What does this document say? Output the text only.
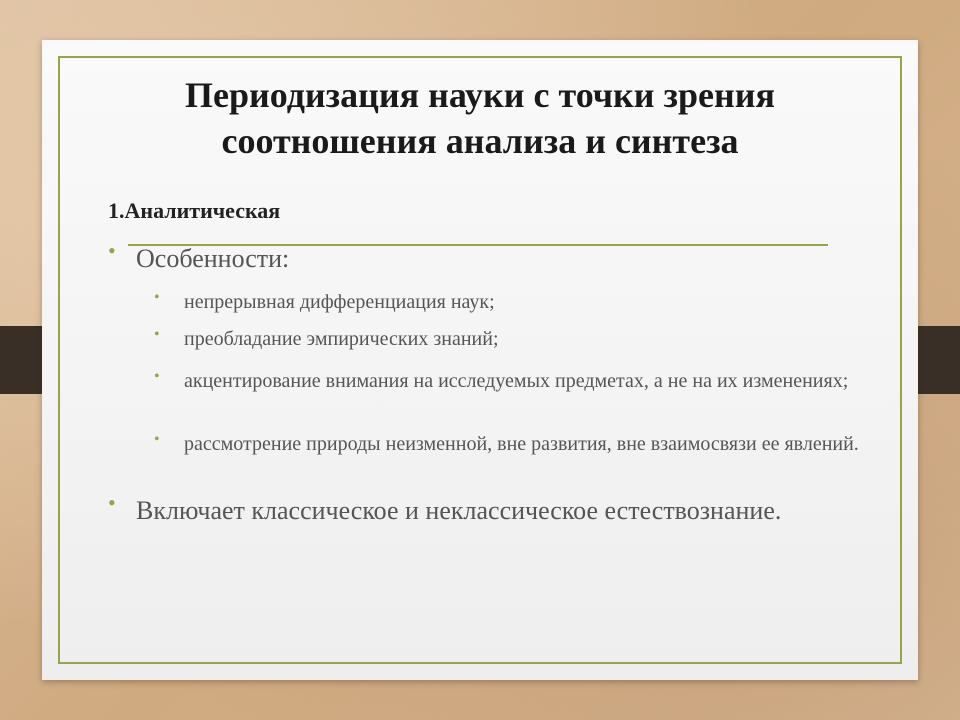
Периодизация науки с точки зрения
соотношения анализа и синтеза
1.Аналитическая
• Особенности:
• непрерывная дифференциация наук;
• преобладание эмпирических знаний;
• акцентирование внимания на исследуемых предметах, а не на их изменениях;
• рассмотрение природы неизменной, вне развития, вне взаимосвязи ее явлений.
• Включает классическое и неклассическое естествознание.
